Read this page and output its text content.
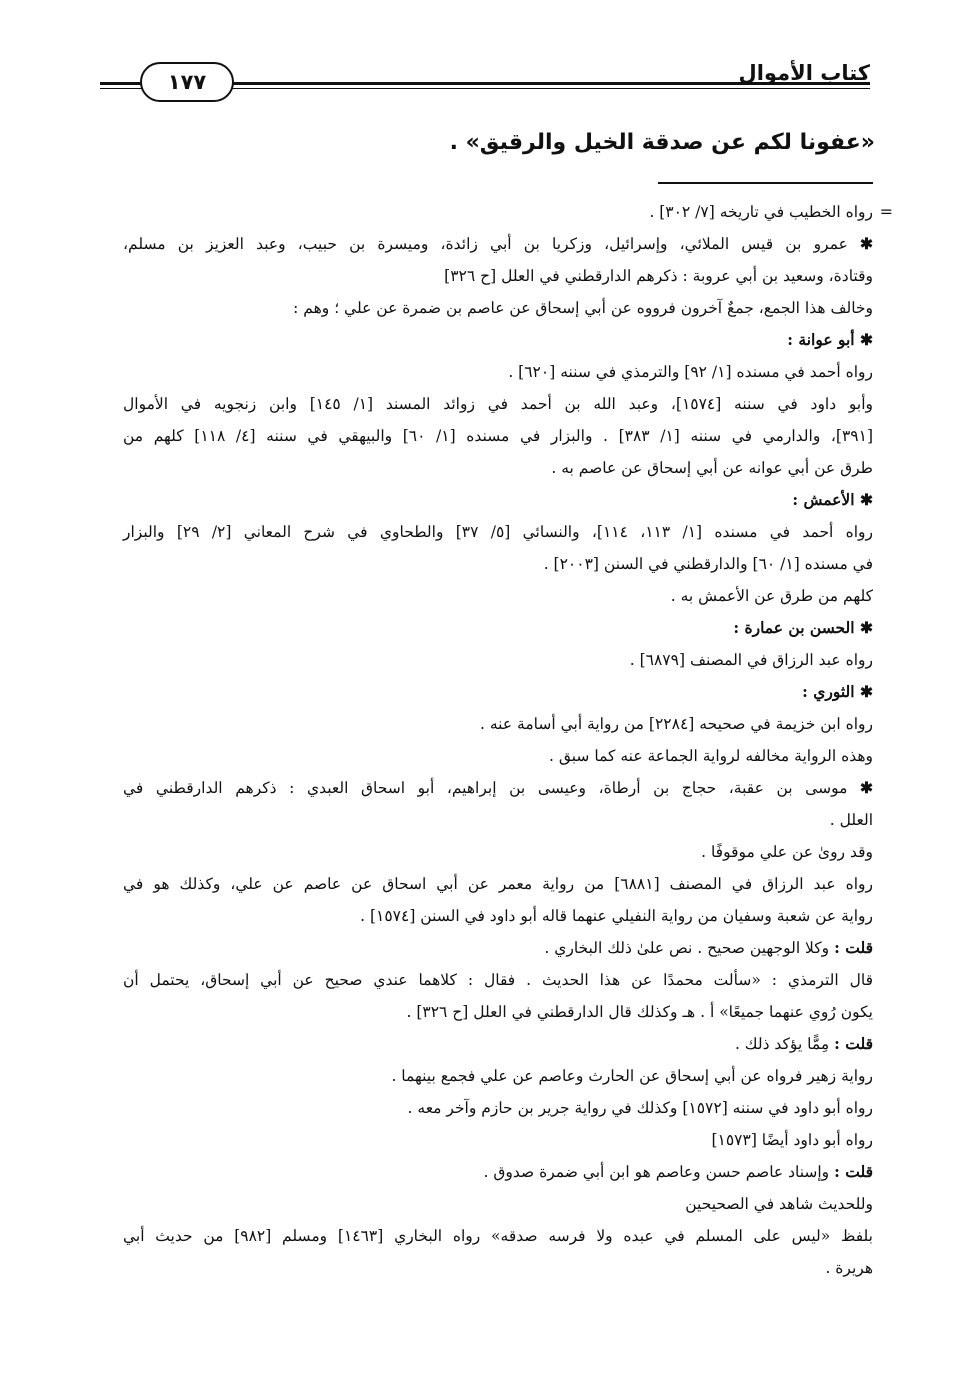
كتاب الأموال
١٧٧
«عفونا لكم عن صدقة الخيل والرقيق» .

=
رواه الخطيب في تاريخه [٧/ ٣٠٢] .

✱ عمرو بن قيس الملائي، وإسرائيل، وزكريا بن أبي زائدة، وميسرة بن حبيب، وعبد العزيز بن مسلم،

وقتادة، وسعيد بن أبي عروبة : ذكرهم الدارقطني في العلل [ح ٣٢٦]

وخالف هذا الجمع، جمعٌ آخرون فرووه عن أبي إسحاق عن عاصم بن ضمرة عن علي ؛ وهم :

✱ أبو عوانة :

رواه أحمد في مسنده [١/ ٩٢] والترمذي في سننه [٦٢٠] .

وأبو داود في سننه [١٥٧٤]، وعبد الله بن أحمد في زوائد المسند [١/ ١٤٥] وابن زنجويه في الأموال

[٣٩١]، والدارمي في سننه [١/ ٣٨٣] . والبزار في مسنده [١/ ٦٠] والبيهقي في سننه [٤/ ١١٨] كلهم من

طرق عن أبي عوانه عن أبي إسحاق عن عاصم به .

✱ الأعمش :

رواه أحمد في مسنده [١/ ١١٣، ١١٤]، والنسائي [٥/ ٣٧] والطحاوي في شرح المعاني [٢/ ٢٩] والبزار

في مسنده [١/ ٦٠] والدارقطني في السنن [٢٠٠٣] .

كلهم من طرق عن الأعمش به .

✱ الحسن بن عمارة :

رواه عبد الرزاق في المصنف [٦٨٧٩] .

✱ الثوري :

رواه ابن خزيمة في صحيحه [٢٢٨٤] من رواية أبي أسامة عنه .

وهذه الرواية مخالفه لرواية الجماعة عنه كما سبق .

✱ موسى بن عقبة، حجاج بن أرطاة، وعيسى بن إبراهيم، أبو اسحاق العبدي : ذكرهم الدارقطني في

العلل .

وقد روىٰ عن علي موقوفًا .

رواه عبد الرزاق في المصنف [٦٨٨١] من رواية معمر عن أبي اسحاق عن عاصم عن علي، وكذلك هو في

رواية عن شعبة وسفيان من رواية النفيلي عنهما قاله أبو داود في السنن [١٥٧٤] .

قلت : وكلا الوجهين صحيح . نص علىٰ ذلك البخاري .

قال الترمذي : «سألت محمدًا عن هذا الحديث . فقال : كلاهما عندي صحيح عن أبي إسحاق، يحتمل أن

يكون رُوي عنهما جميعًا» أ . هـ وكذلك قال الدارقطني في العلل [ح ٣٢٦] .

قلت : مِمًّا يؤكد ذلك .

رواية زهير فرواه عن أبي إسحاق عن الحارث وعاصم عن علي فجمع بينهما .

رواه أبو داود في سننه [١٥٧٢] وكذلك في رواية جرير بن حازم وآخر معه .

رواه أبو داود أيضًا [١٥٧٣]

قلت : وإسناد عاصم حسن وعاصم هو ابن أبي ضمرة صدوق .

وللحديث شاهد في الصحيحين

بلفظ «ليس على المسلم في عبده ولا فرسه صدقه» رواه البخاري [١٤٦٣] ومسلم [٩٨٢] من حديث أبي

هريرة .
